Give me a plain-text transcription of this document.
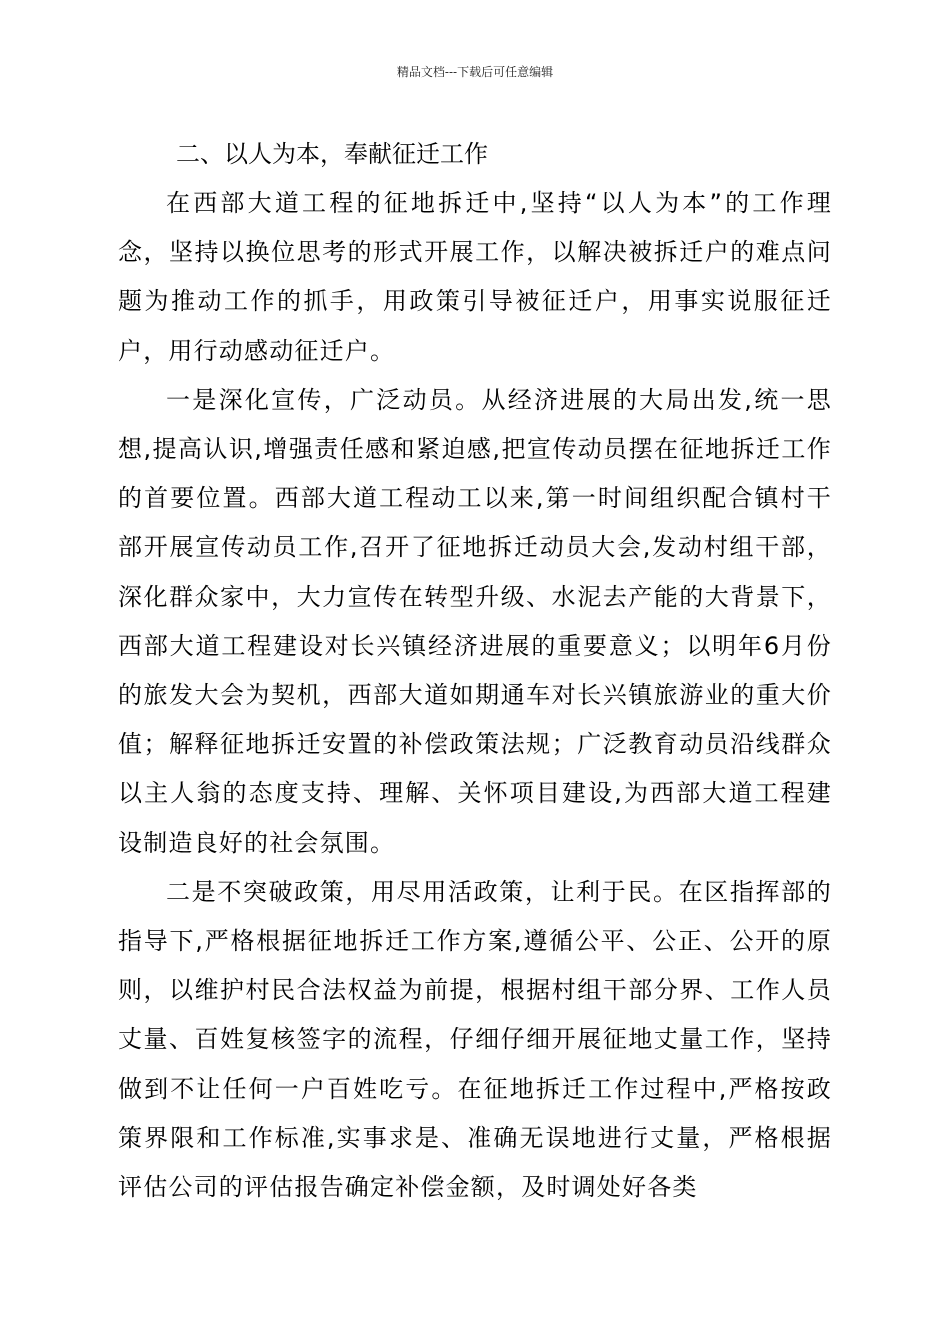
精品文档---下载后可任意编辑
二、以人为本，奉献征迁工作

在西部大道工程的征地拆迁中,坚持“以人为本”的工作理念，坚持以换位思考的形式开展工作，以解决被拆迁户的难点问题为推动工作的抓手，用政策引导被征迁户，用事实说服征迁户，用行动感动征迁户。

一是深化宣传，广泛动员。从经济进展的大局出发,统一思想,提高认识,增强责任感和紧迫感,把宣传动员摆在征地拆迁工作的首要位置。西部大道工程动工以来,第一时间组织配合镇村干部开展宣传动员工作,召开了征地拆迁动员大会,发动村组干部，深化群众家中，大力宣传在转型升级、水泥去产能的大背景下，西部大道工程建设对长兴镇经济进展的重要意义；以明年6月份的旅发大会为契机，西部大道如期通车对长兴镇旅游业的重大价值；解释征地拆迁安置的补偿政策法规；广泛教育动员沿线群众以主人翁的态度支持、理解、关怀项目建设,为西部大道工程建设制造良好的社会氛围。

二是不突破政策，用尽用活政策，让利于民。在区指挥部的指导下,严格根据征地拆迁工作方案,遵循公平、公正、公开的原则，以维护村民合法权益为前提，根据村组干部分界、工作人员丈量、百姓复核签字的流程，仔细仔细开展征地丈量工作，坚持做到不让任何一户百姓吃亏。在征地拆迁工作过程中,严格按政策界限和工作标准,实事求是、准确无误地进行丈量，严格根据评估公司的评估报告确定补偿金额，及时调处好各类
